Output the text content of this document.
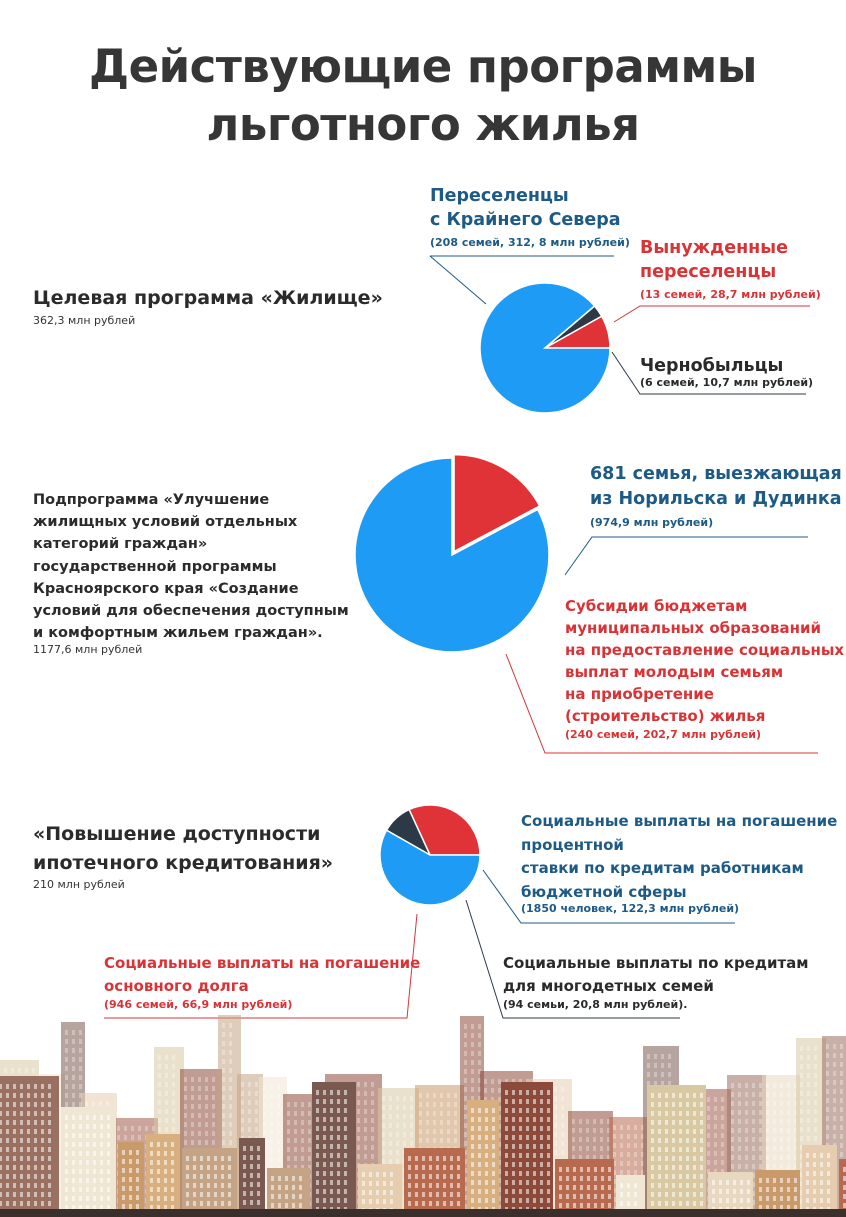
Действующие программы
льготного жилья
Целевая программа «Жилище»
362,3 млн рублей
Переселенцы
с Крайнего Севера
(208 семей, 312, 8 млн рублей) Вынужденные
переселенцы
(13 семей, 28,7 млн рублей)
Чернобыльцы
(6 семей, 10,7 млн рублей)
Подпрограмма «Улучшение
жилищных условий отдельных
категорий граждан»
государственной программы
Красноярского края «Создание
условий для обеспечения доступным
и комфортным жильем граждан».
1177,6 млн рублей
681 семья, выезжающая
из Норильска и Дудинка
(974,9 млн рублей)
Субсидии бюджетам
муниципальных образований
на предоставление социальных
выплат молодым семьям
на приобретение
(строительство) жилья
(240 семей, 202,7 млн рублей)
«Повышение доступности
ипотечного кредитования»
210 млн рублей
Социальные выплаты на погашение
процентной
ставки по кредитам работникам
бюджетной сферы
(1850 человек, 122,3 млн рублей)
Социальные выплаты на погашение
основного долга
(946 семей, 66,9 млн рублей)
Социальные выплаты по кредитам
для многодетных семей
(94 семьи, 20,8 млн рублей).
